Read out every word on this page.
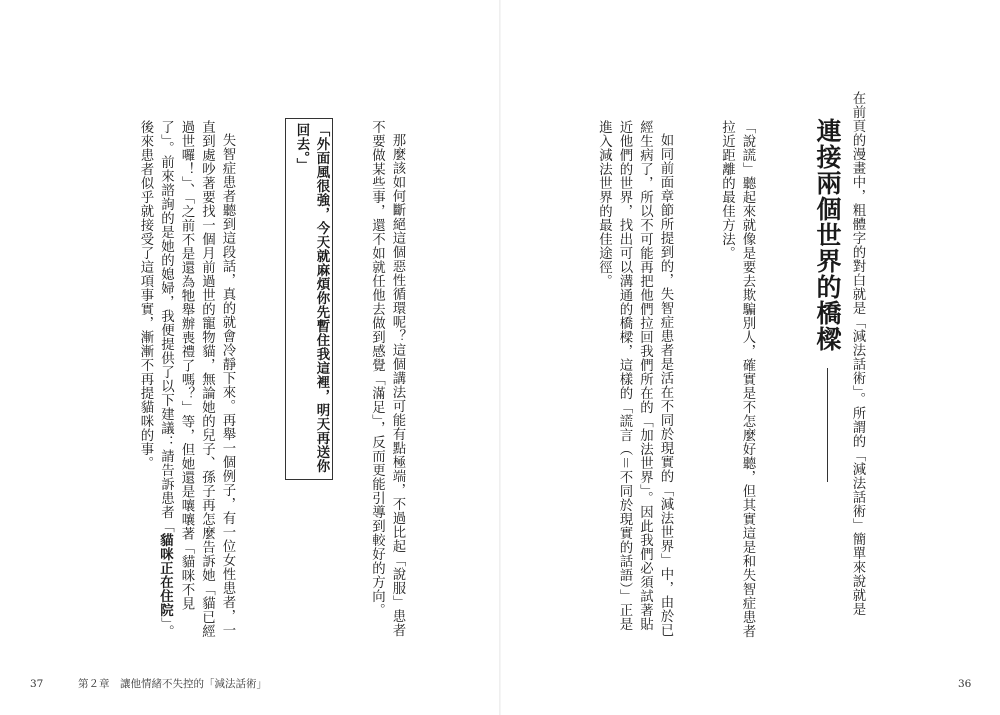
在前頁的漫畫中，粗體字的對白就是「減法話術」。所謂的「減法話術」簡單來說就是

連接兩個世界的橋樑

「說謊」聽起來就像是要去欺騙別人，確實是不怎麼好聽，但其實這是和失智症患者拉近距離的最佳方法。

如同前面章節所提到的，失智症患者是活在不同於現實的「減法世界」中，由於已經生病了，所以不可能再把他們拉回我們所在的「加法世界」。因此我們必須試著貼近他們的世界，找出可以溝通的橋樑，這樣的「謊言（＝不同於現實的話語）」正是進入減法世界的最佳途徑。

36

那麼該如何斷絕這個惡性循環呢？這個講法可能有點極端，不過比起「說服」患者不要做某些事，還不如就任他去做到感覺「滿足」，反而更能引導到較好的方向。

「外面風很強，今天就麻煩你先暫住我這裡，明天再送你回去。」

失智症患者聽到這段話，真的就會冷靜下來。再舉一個例子，有一位女性患者，一直到處吵著要找一個月前過世的寵物貓，無論她的兒子、孫子再怎麼告訴她「貓已經過世囉！」、「之前不是還為牠舉辦喪禮了嗎？」等，但她還是嚷嚷著「貓咪不見了」。前來諮詢的是她的媳婦，我便提供了以下建議：請告訴患者「貓咪正在住院」。後來患者似乎就接受了這項事實，漸漸不再提貓咪的事。

37	第２章　讓他情緒不失控的「減法話術」
